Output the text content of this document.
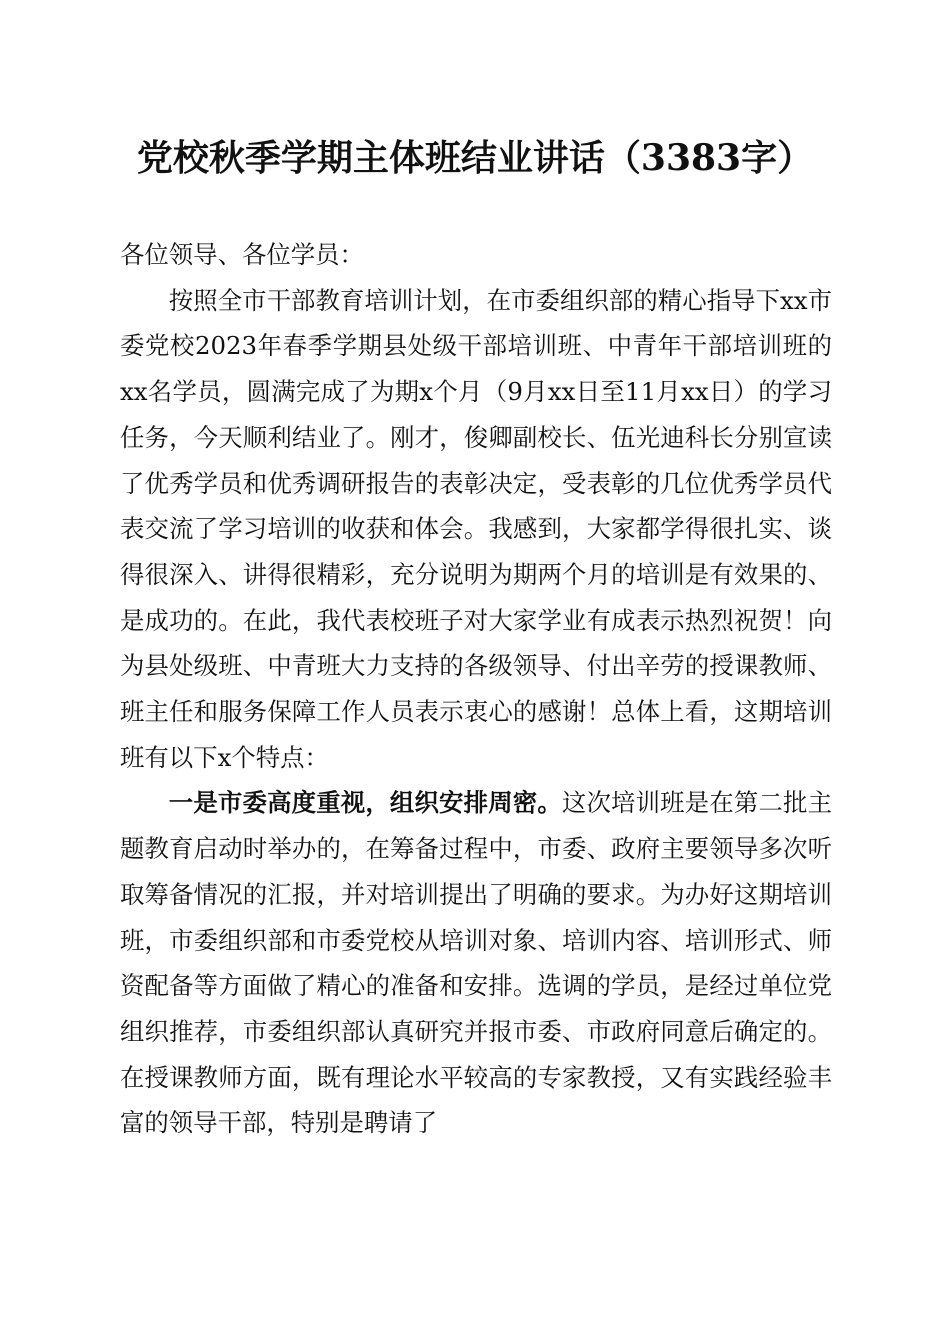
党校秋季学期主体班结业讲话（3383字）

各位领导、各位学员：

按照全市干部教育培训计划，在市委组织部的精心指导下xx市委党校2023年春季学期县处级干部培训班、中青年干部培训班的xx名学员，圆满完成了为期x个月（9月xx日至11月xx日）的学习任务，今天顺利结业了。刚才，俊卿副校长、伍光迪科长分别宣读了优秀学员和优秀调研报告的表彰决定，受表彰的几位优秀学员代表交流了学习培训的收获和体会。我感到，大家都学得很扎实、谈得很深入、讲得很精彩，充分说明为期两个月的培训是有效果的、是成功的。在此，我代表校班子对大家学业有成表示热烈祝贺！向为县处级班、中青班大力支持的各级领导、付出辛劳的授课教师、班主任和服务保障工作人员表示衷心的感谢！总体上看，这期培训班有以下x个特点：

一是市委高度重视，组织安排周密。这次培训班是在第二批主题教育启动时举办的，在筹备过程中，市委、政府主要领导多次听取筹备情况的汇报，并对培训提出了明确的要求。为办好这期培训班，市委组织部和市委党校从培训对象、培训内容、培训形式、师资配备等方面做了精心的准备和安排。选调的学员，是经过单位党组织推荐，市委组织部认真研究并报市委、市政府同意后确定的。在授课教师方面，既有理论水平较高的专家教授，又有实践经验丰富的领导干部，特别是聘请了
